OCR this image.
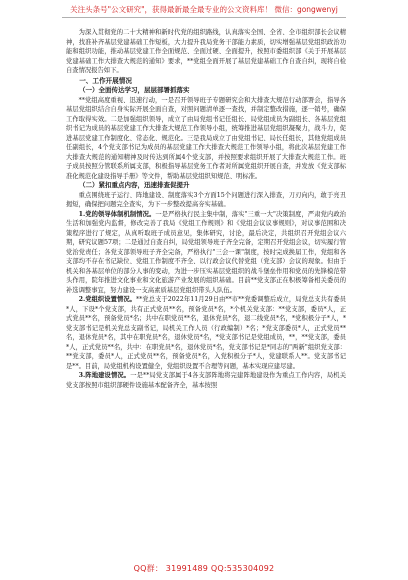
关注头条号"公文研究"，获得最新最全最专业的公文资料库！ 微信：gongwenyj

为深入贯彻党的二十大精神和新时代党的组织路线，认真落实全国、全省、全市组织部长会议精神，找准补齐基层党建基础工作短板，大力提升我局党务干部能力素质，切实增强基层党组织政治功能和组织功能，推动基层党建工作全面规范、全面过硬、全面提升，按照市委组织部《关于开展基层党建基础工作大排查大规范的通知》要求，**党组全面开展了基层党建基础工作自查自纠，现将自检自查情况报告如下。

一、工作开展情况
（一）全面传达学习，层层部署抓落实

**党组高度重视、迅速行动，一是召开领导班子专题研究会和大排查大规范行动部署会，指导各基层党组织结合自身实际开展全面自查，对照问题清单逐一查找，并制定整改措施，逐一销号，确保工作取得实效。二是加强组织领导，成立了由局党组书记任组长、局党组成员为副组长、各基层党组织书记为成员的基层党建工作大排查大规范工作领导小组，统筹推进基层党组织凝聚力，战斗力，促进基层党建工作制度化、常态化、规范化。三是我局成立了由党组书记、局长任组长，其他党组成员任副组长，4个党支部书记为成员的基层党建工作大排查大规范工作领导小组，将此次基层党建工作大排查大规范的通知精神及时传达到所属4个党支部，并按照要求组织开展了大排查大规范工作。班子成员按照分管联系所属支部，积极指导基层党务工作者对所属党组织开展自查，并发放《党支部标准化规范化建设指导手册》等文件，帮助基层党组织知规范、明标准。

（二）紧扣重点内容，迅速排查促提升

重点围绕班子运行、阵地建设、制度落实3个方面15个问题进行深入排查，刀刃向内，敢于亮丑揭短，确保把问题完全查实，为下一步整改提高夯实基础。

1.党的领导体制机制情况。一是严格执行民主集中制，落实"三重一大"决策制度，严肃党内政治生活和加强党内监督，修改完善了我局《党组工作规则》和《党组会议议事规则》，对议事范围和决策程序进行了规定，从真听取班子成员意见，集体研究，讨论，最后决定，共组织召开党组会议六期，研究议题57项；二是通过自查自纠，局党组领导班子齐全完备，定期召开党组会议，切实履行管党治党责任；各党支部领导班子齐全完备，严格执行"三会一课"制度，按时完成换届工作，党组和各支部均不存在书记缺位、党组工作制度不齐全、以行政会议代替党组（党支部）会议的现象。但由于机关和各基层单位的部分人事的变动，为进一步压实基层党组织的战斗堡垒作用和党员的先锋模范带头作用，院年推进文化事业和文化旅游产业发展的组织基础。目前**党支部正在积极筹备相关委员的补选调整事宜，努力建设一支高素质基层党组织带头人队伍。

2.党组织设置情况。**党总支于2022年11月29日由**市**党委调整后成立，局党总支共有委员*人，下设*个党支部，共有正式党员**名，预备党员*名，*个机关党支部：**党支部，委员*人，正式党员**名，预备党员*名；共中在职党员**名，退休党员*名，退二线党员*名，*党积极分子*人，*党支部书记是机关党总支副书记，局机关工作人员（行政编制）*名；*党支部委员*人，正式党员**名，退休党员*名，其中在职党员*名，退休党员*名，*党支部书记是党组成员，**，**党支部，委员*人，正式党员**名，共中：在职党员*名，退休党员*名，党支部书记是*同志的"两新"组织党支部：**党支部，委员*人，正式党员**名，预备党员*名，入党积极分子*人，党建联系人**。党支部书记是**。目前，局党组机构设置健全，党组织设置不合理等问题，基本实现应建尽建。

3.阵地建设情况。一是**局党支部属于4各支部阵地将完建阵地建设作为重点工作内容，局机关党支部按照市组织部硬件设施基本配备齐全，基本按照

QQ群： 31991489 QQ:535304092
